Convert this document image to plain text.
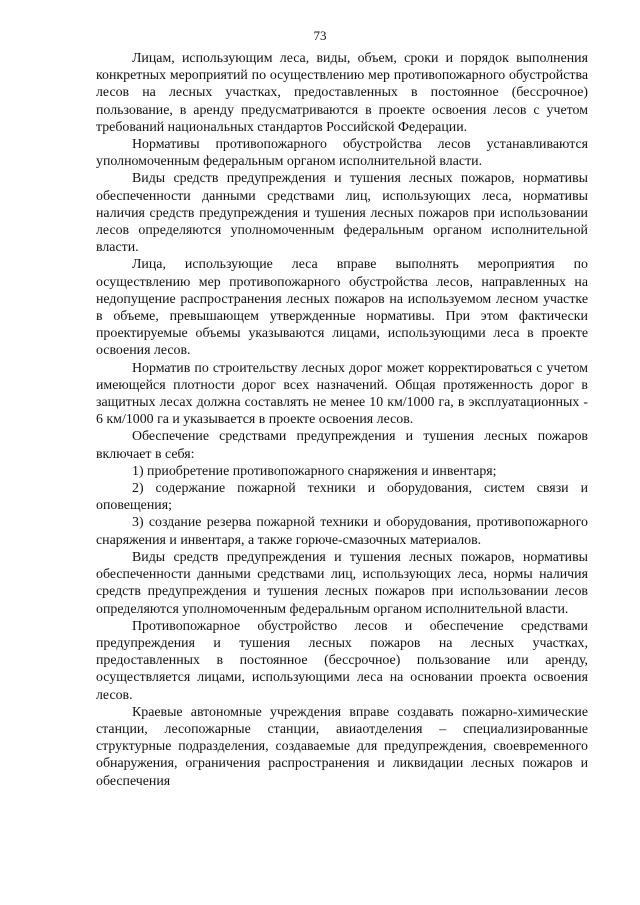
73

Лицам, использующим леса, виды, объем, сроки и порядок выполнения конкретных мероприятий по осуществлению мер противопожарного обустройства лесов на лесных участках, предоставленных в постоянное (бессрочное) пользование, в аренду предусматриваются в проекте освоения лесов с учетом требований национальных стандартов Российской Федерации.

Нормативы противопожарного обустройства лесов устанавливаются уполномоченным федеральным органом исполнительной власти.

Виды средств предупреждения и тушения лесных пожаров, нормативы обеспеченности данными средствами лиц, использующих леса, нормативы наличия средств предупреждения и тушения лесных пожаров при использовании лесов определяются уполномоченным федеральным органом исполнительной власти.

Лица, использующие леса вправе выполнять мероприятия по осуществлению мер противопожарного обустройства лесов, направленных на недопущение распространения лесных пожаров на используемом лесном участке в объеме, превышающем утвержденные нормативы. При этом фактически проектируемые объемы указываются лицами, использующими леса в проекте освоения лесов.

Норматив по строительству лесных дорог может корректироваться с учетом имеющейся плотности дорог всех назначений. Общая протяженность дорог в защитных лесах должна составлять не менее 10 км/1000 га, в эксплуатационных - 6 км/1000 га и указывается в проекте освоения лесов.

Обеспечение средствами предупреждения и тушения лесных пожаров включает в себя:

1) приобретение противопожарного снаряжения и инвентаря;

2) содержание пожарной техники и оборудования, систем связи и оповещения;

3) создание резерва пожарной техники и оборудования, противопожарного снаряжения и инвентаря, а также горюче-смазочных материалов.

Виды средств предупреждения и тушения лесных пожаров, нормативы обеспеченности данными средствами лиц, использующих леса, нормы наличия средств предупреждения и тушения лесных пожаров при использовании лесов определяются уполномоченным федеральным органом исполнительной власти.

Противопожарное обустройство лесов и обеспечение средствами предупреждения и тушения лесных пожаров на лесных участках, предоставленных в постоянное (бессрочное) пользование или аренду, осуществляется лицами, использующими леса на основании проекта освоения лесов.

Краевые автономные учреждения вправе создавать пожарно-химические станции, лесопожарные станции, авиаотделения – специализированные структурные подразделения, создаваемые для предупреждения, своевременного обнаружения, ограничения распространения и ликвидации лесных пожаров и обеспечения
